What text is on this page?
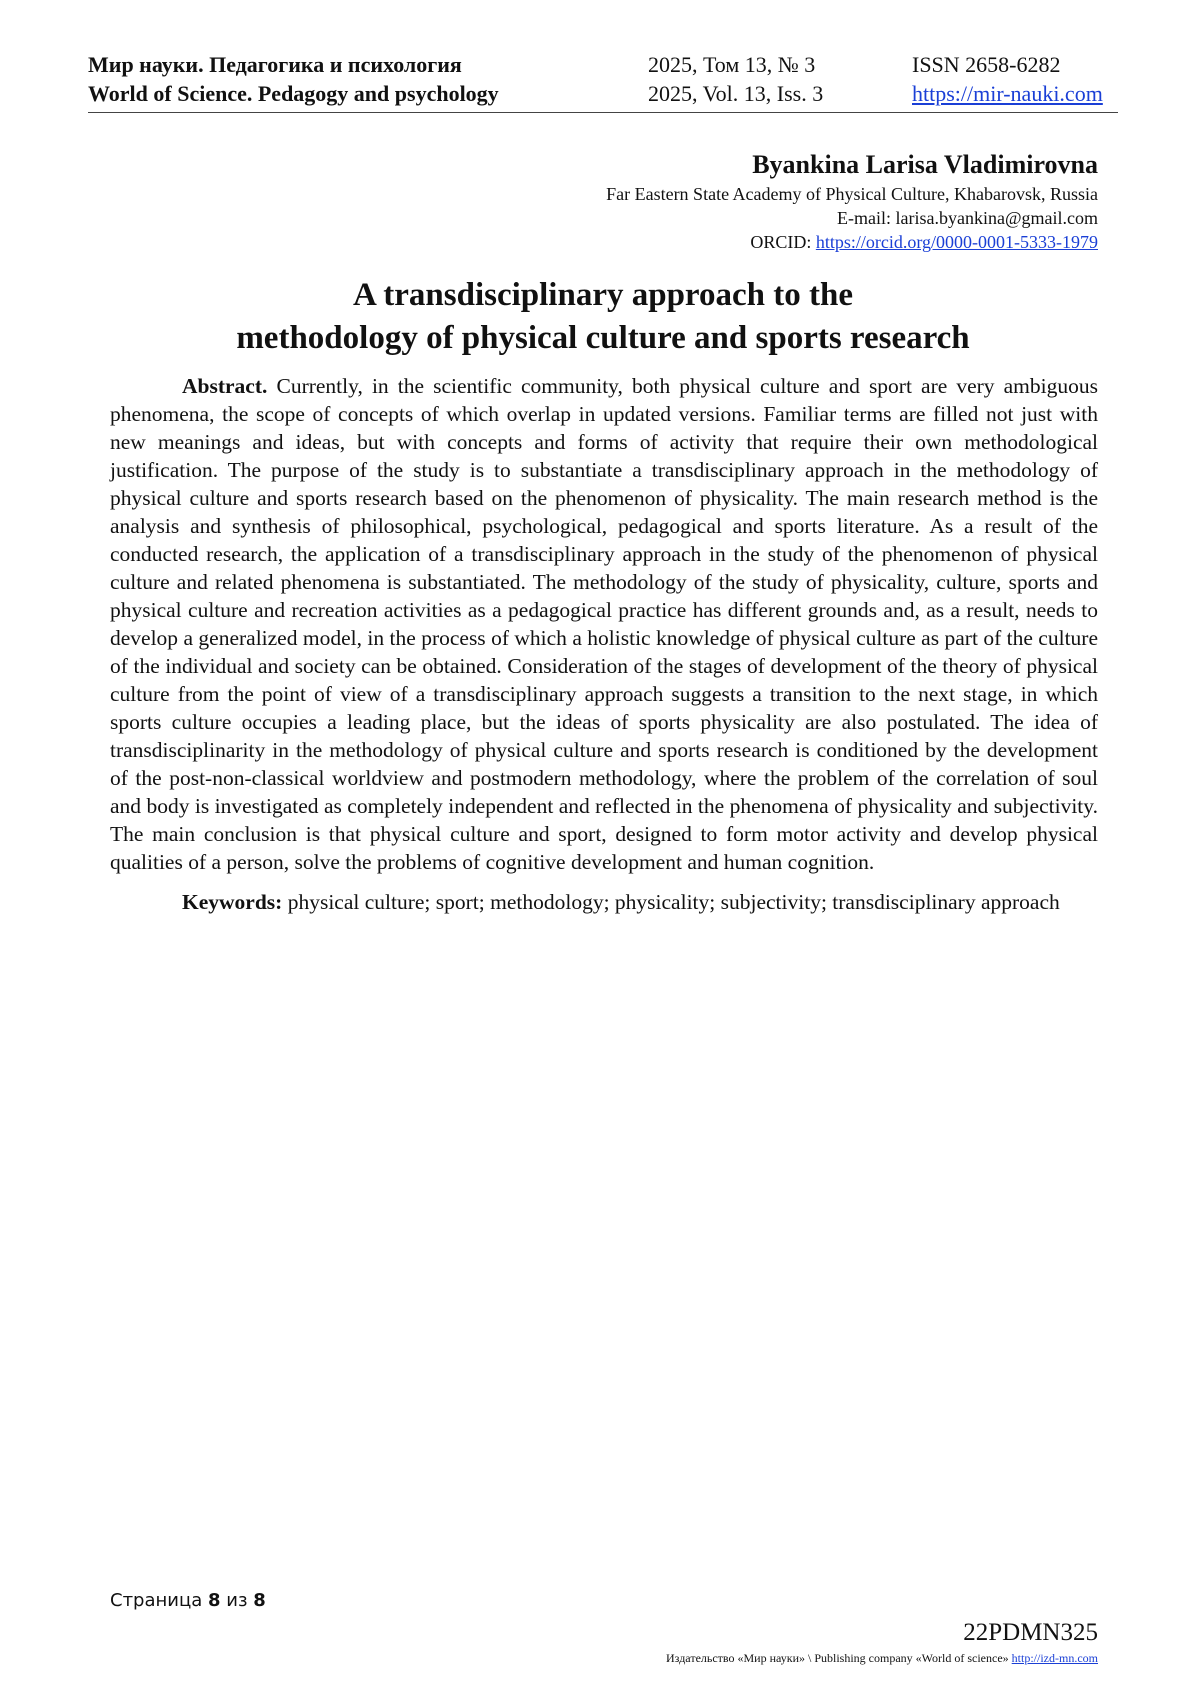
Мир науки. Педагогика и психология
World of Science. Pedagogy and psychology
2025, Том 13, № 3
2025, Vol. 13, Iss. 3
ISSN 2658-6282
https://mir-nauki.com
Byankina Larisa Vladimirovna
Far Eastern State Academy of Physical Culture, Khabarovsk, Russia
E-mail: larisa.byankina@gmail.com
ORCID: https://orcid.org/0000-0001-5333-1979
A transdisciplinary approach to the
methodology of physical culture and sports research

Abstract. Currently, in the scientific community, both physical culture and sport are very ambiguous phenomena, the scope of concepts of which overlap in updated versions. Familiar terms are filled not just with new meanings and ideas, but with concepts and forms of activity that require their own methodological justification. The purpose of the study is to substantiate a transdisciplinary approach in the methodology of physical culture and sports research based on the phenomenon of physicality. The main research method is the analysis and synthesis of philosophical, psychological, pedagogical and sports literature. As a result of the conducted research, the application of a transdisciplinary approach in the study of the phenomenon of physical culture and related phenomena is substantiated. The methodology of the study of physicality, culture, sports and physical culture and recreation activities as a pedagogical practice has different grounds and, as a result, needs to develop a generalized model, in the process of which a holistic knowledge of physical culture as part of the culture of the individual and society can be obtained. Consideration of the stages of development of the theory of physical culture from the point of view of a transdisciplinary approach suggests a transition to the next stage, in which sports culture occupies a leading place, but the ideas of sports physicality are also postulated. The idea of transdisciplinarity in the methodology of physical culture and sports research is conditioned by the development of the post-non-classical worldview and postmodern methodology, where the problem of the correlation of soul and body is investigated as completely independent and reflected in the phenomena of physicality and subjectivity. The main conclusion is that physical culture and sport, designed to form motor activity and develop physical qualities of a person, solve the problems of cognitive development and human cognition.

Keywords: physical culture; sport; methodology; physicality; subjectivity; transdisciplinary approach

Страница 8 из 8
22PDMN325
Издательство «Мир науки» \ Publishing company «World of science» http://izd-mn.com
